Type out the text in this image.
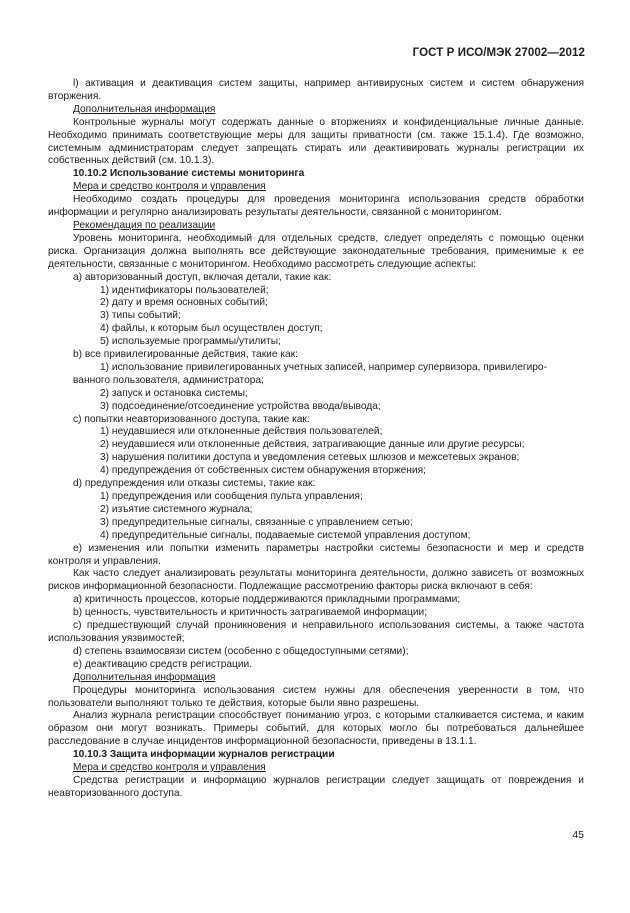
ГОСТ Р ИСО/МЭК 27002—2012
l) активация и деактивация систем защиты, например антивирусных систем и систем обнаружения вторжения.
Дополнительная информация
Контрольные журналы могут содержать данные о вторжениях и конфиденциальные личные данные. Необходимо принимать соответствующие меры для защиты приватности (см. также 15.1.4). Где возможно, системным администраторам следует запрещать стирать или деактивировать журналы регистрации их собственных действий (см. 10.1.3).
10.10.2 Использование системы мониторинга
Мера и средство контроля и управления
Необходимо создать процедуры для проведения мониторинга использования средств обработки информации и регулярно анализировать результаты деятельности, связанной с мониторингом.
Рекомендация по реализации
Уровень мониторинга, необходимый для отдельных средств, следует определять с помощью оценки риска. Организация должна выполнять все действующие законодательные требования, применимые к ее деятельности, связанные с мониторингом. Необходимо рассмотреть следующие аспекты:
a) авторизованный доступ, включая детали, такие как:
1) идентификаторы пользователей;
2) дату и время основных событий;
3) типы событий;
4) файлы, к которым был осуществлен доступ;
5) используемые программы/утилиты;
b) все привилегированные действия, такие как:
1) использование привилегированных учетных записей, например супервизора, привилегиро-
ванного пользователя, администратора;
2) запуск и остановка системы;
3) подсоединение/отсоединение устройства ввода/вывода;
c) попытки неавторизованного доступа, такие как:
1) неудавшиеся или отклоненные действия пользователей;
2) неудавшиеся или отклоненные действия, затрагивающие данные или другие ресурсы;
3) нарушения политики доступа и уведомления сетевых шлюзов и межсетевых экранов;
4) предупреждения от собственных систем обнаружения вторжения;
d) предупреждения или отказы системы, такие как:
1) предупреждения или сообщения пульта управления;
2) изъятие системного журнала;
3) предупредительные сигналы, связанные с управлением сетью;
4) предупредительные сигналы, подаваемые системой управления доступом;
e) изменения или попытки изменить параметры настройки системы безопасности и мер и средств контроля и управления.
Как часто следует анализировать результаты мониторинга деятельности, должно зависеть от возможных рисков информационной безопасности. Подлежащие рассмотрению факторы риска включают в себя:
a) критичность процессов, которые поддерживаются прикладными программами;
b) ценность, чувствительность и критичность затрагиваемой информации;
c) предшествующий случай проникновения и неправильного использования системы, а также частота использования уязвимостей;
d) степень взаимосвязи систем (особенно с общедоступными сетями);
e) деактивацию средств регистрации.
Дополнительная информация
Процедуры мониторинга использования систем нужны для обеспечения уверенности в том, что пользователи выполняют только те действия, которые были явно разрешены.
Анализ журнала регистрации способствует пониманию угроз, с которыми сталкивается система, и каким образом они могут возникать. Примеры событий, для которых могло бы потребоваться дальнейшее расследование в случае инцидентов информационной безопасности, приведены в 13.1.1.
10.10.3 Защита информации журналов регистрации
Мера и средство контроля и управления
Средства регистрации и информацию журналов регистрации следует защищать от повреждения и неавторизованного доступа.
45
